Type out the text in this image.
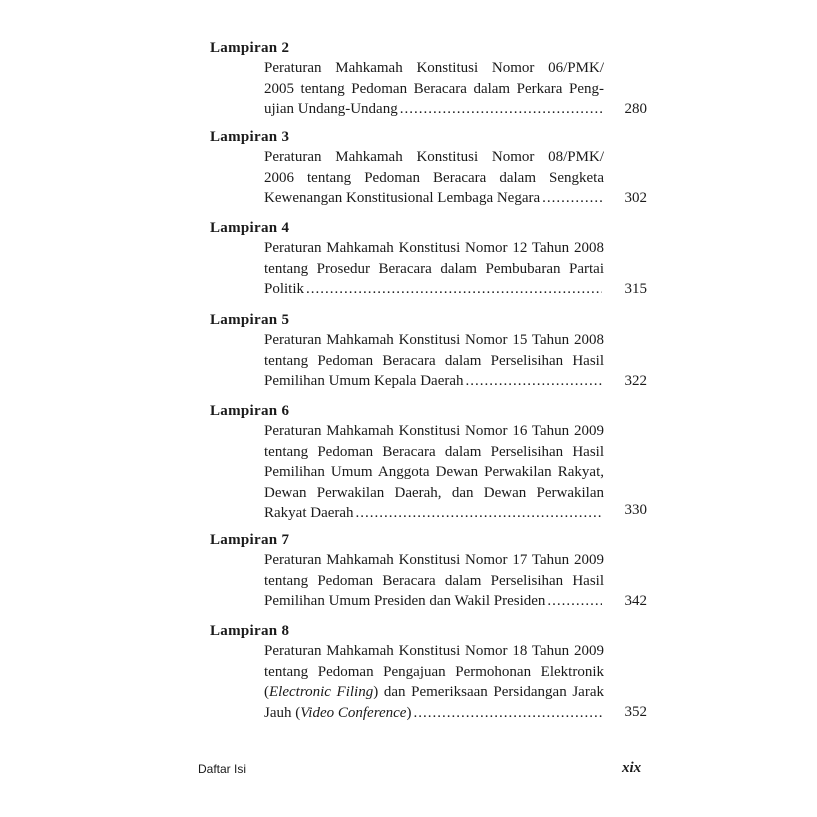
Lampiran 2
Peraturan Mahkamah Konstitusi Nomor 06/PMK/
2005 tentang Pedoman Beracara dalam Perkara Peng-
ujian Undang-Undang .....	280
Lampiran 3
Peraturan Mahkamah Konstitusi Nomor 08/PMK/
2006 tentang Pedoman Beracara dalam Sengketa
Kewenangan Konstitusional Lembaga Negara .....	302
Lampiran 4
Peraturan Mahkamah Konstitusi Nomor 12 Tahun 2008
tentang Prosedur Beracara dalam Pembubaran Partai
Politik .....	315
Lampiran 5
Peraturan Mahkamah Konstitusi Nomor 15 Tahun 2008
tentang Pedoman Beracara dalam Perselisihan Hasil
Pemilihan Umum Kepala Daerah .....	322
Lampiran 6
Peraturan Mahkamah Konstitusi Nomor 16 Tahun 2009
tentang Pedoman Beracara dalam Perselisihan Hasil
Pemilihan Umum Anggota Dewan Perwakilan Rakyat,
Dewan Perwakilan Daerah, dan Dewan Perwakilan
Rakyat Daerah .....	330
Lampiran 7
Peraturan Mahkamah Konstitusi Nomor 17 Tahun 2009
tentang Pedoman Beracara dalam Perselisihan Hasil
Pemilihan Umum Presiden dan Wakil Presiden .....	342
Lampiran 8
Peraturan Mahkamah Konstitusi Nomor 18 Tahun 2009
tentang Pedoman Pengajuan Permohonan Elektronik
(Electronic Filing) dan Pemeriksaan Persidangan Jarak
Jauh (Video Conference) .....	352
Daftar Isi	xix
